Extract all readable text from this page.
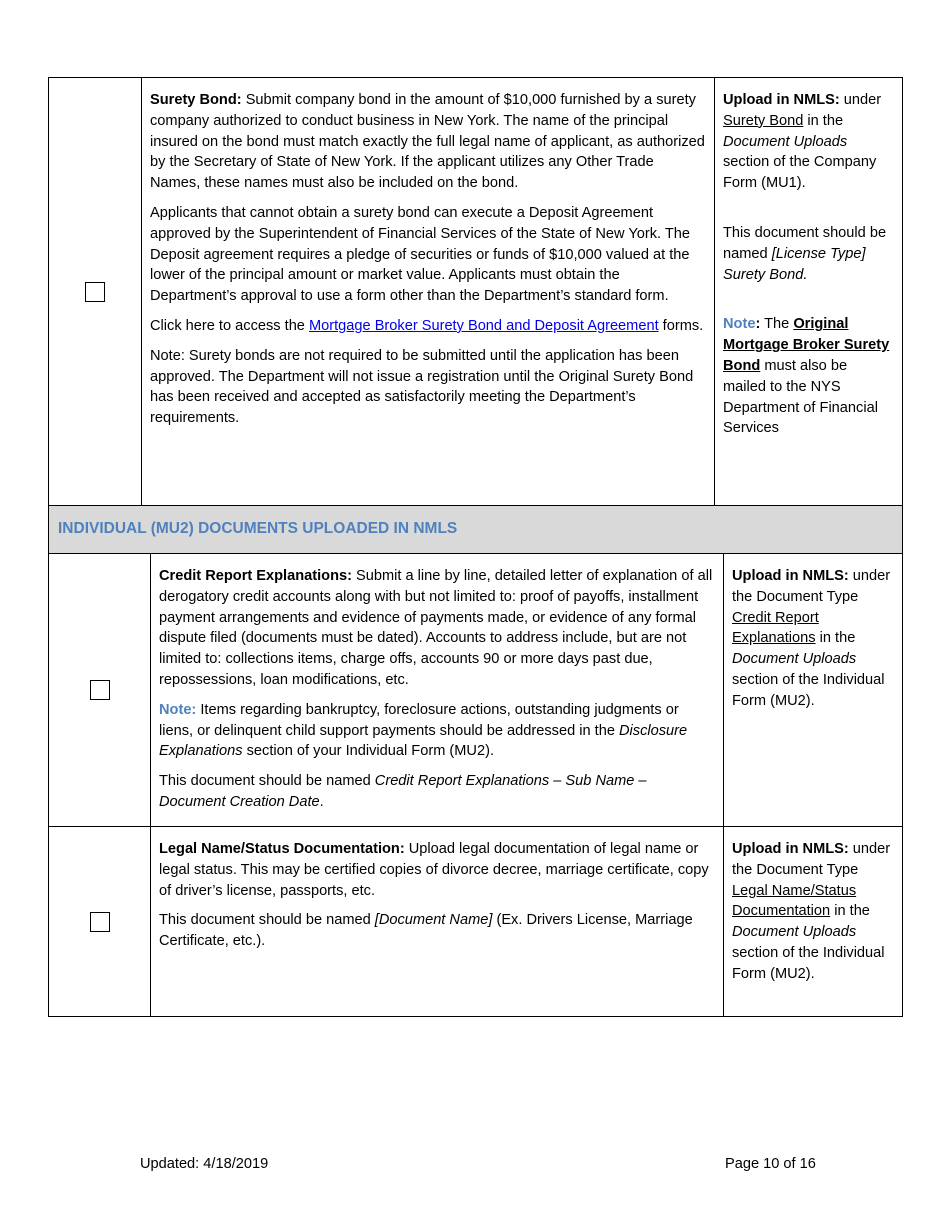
Surety Bond: Submit company bond in the amount of $10,000 furnished by a surety company authorized to conduct business in New York. The name of the principal insured on the bond must match exactly the full legal name of applicant, as authorized by the Secretary of State of New York. If the applicant utilizes any Other Trade Names, these names must also be included on the bond.

Applicants that cannot obtain a surety bond can execute a Deposit Agreement approved by the Superintendent of Financial Services of the State of New York. The Deposit agreement requires a pledge of securities or funds of $10,000 valued at the lower of the principal amount or market value. Applicants must obtain the Department’s approval to use a form other than the Department’s standard form.

Click here to access the Mortgage Broker Surety Bond and Deposit Agreement forms.

Note: Surety bonds are not required to be submitted until the application has been approved. The Department will not issue a registration until the Original Surety Bond has been received and accepted as satisfactorily meeting the Department’s requirements.

Upload in NMLS: under Surety Bond in the Document Uploads section of the Company Form (MU1).

This document should be named [License Type] Surety Bond.

Note: The Original Mortgage Broker Surety Bond must also be mailed to the NYS Department of Financial Services

INDIVIDUAL (MU2) DOCUMENTS UPLOADED IN NMLS

Credit Report Explanations: Submit a line by line, detailed letter of explanation of all derogatory credit accounts along with but not limited to: proof of payoffs, installment payment arrangements and evidence of payments made, or evidence of any formal dispute filed (documents must be dated). Accounts to address include, but are not limited to: collections items, charge offs, accounts 90 or more days past due, repossessions, loan modifications, etc.

Note: Items regarding bankruptcy, foreclosure actions, outstanding judgments or liens, or delinquent child support payments should be addressed in the Disclosure Explanations section of your Individual Form (MU2).

This document should be named Credit Report Explanations – Sub Name – Document Creation Date.

Upload in NMLS: under the Document Type Credit Report Explanations in the Document Uploads section of the Individual Form (MU2).

Legal Name/Status Documentation: Upload legal documentation of legal name or legal status. This may be certified copies of divorce decree, marriage certificate, copy of driver’s license, passports, etc.

This document should be named [Document Name] (Ex. Drivers License, Marriage Certificate, etc.).

Upload in NMLS: under the Document Type Legal Name/Status Documentation in the Document Uploads section of the Individual Form (MU2).

Updated: 4/18/2019	Page 10 of 16
